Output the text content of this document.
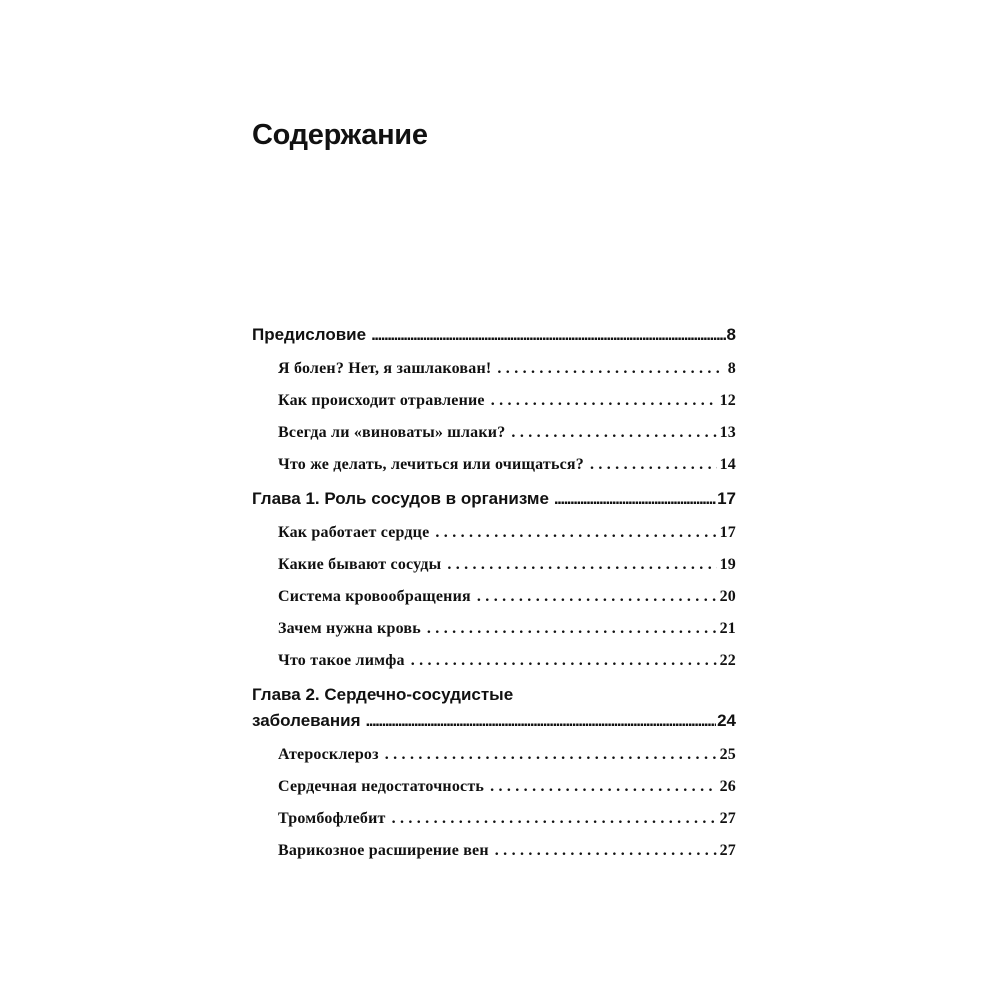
Содержание
Предисловие .....	8
Я болен? Нет, я зашлакован! . . .	8
Как происходит отравление . . .	12
Всегда ли «виноваты» шлаки? . . .	13
Что же делать, лечиться или очищаться? . . .	14
Глава 1. Роль сосудов в организме .....	17
Как работает сердце . . .	17
Какие бывают сосуды . . .	19
Система кровообращения . . .	20
Зачем нужна кровь . . .	21
Что такое лимфа . . .	22
Глава 2. Сердечно-сосудистые
заболевания .....	24
Атеросклероз . . .	25
Сердечная недостаточность . . .	26
Тромбофлебит . . .	27
Варикозное расширение вен . . .	27
